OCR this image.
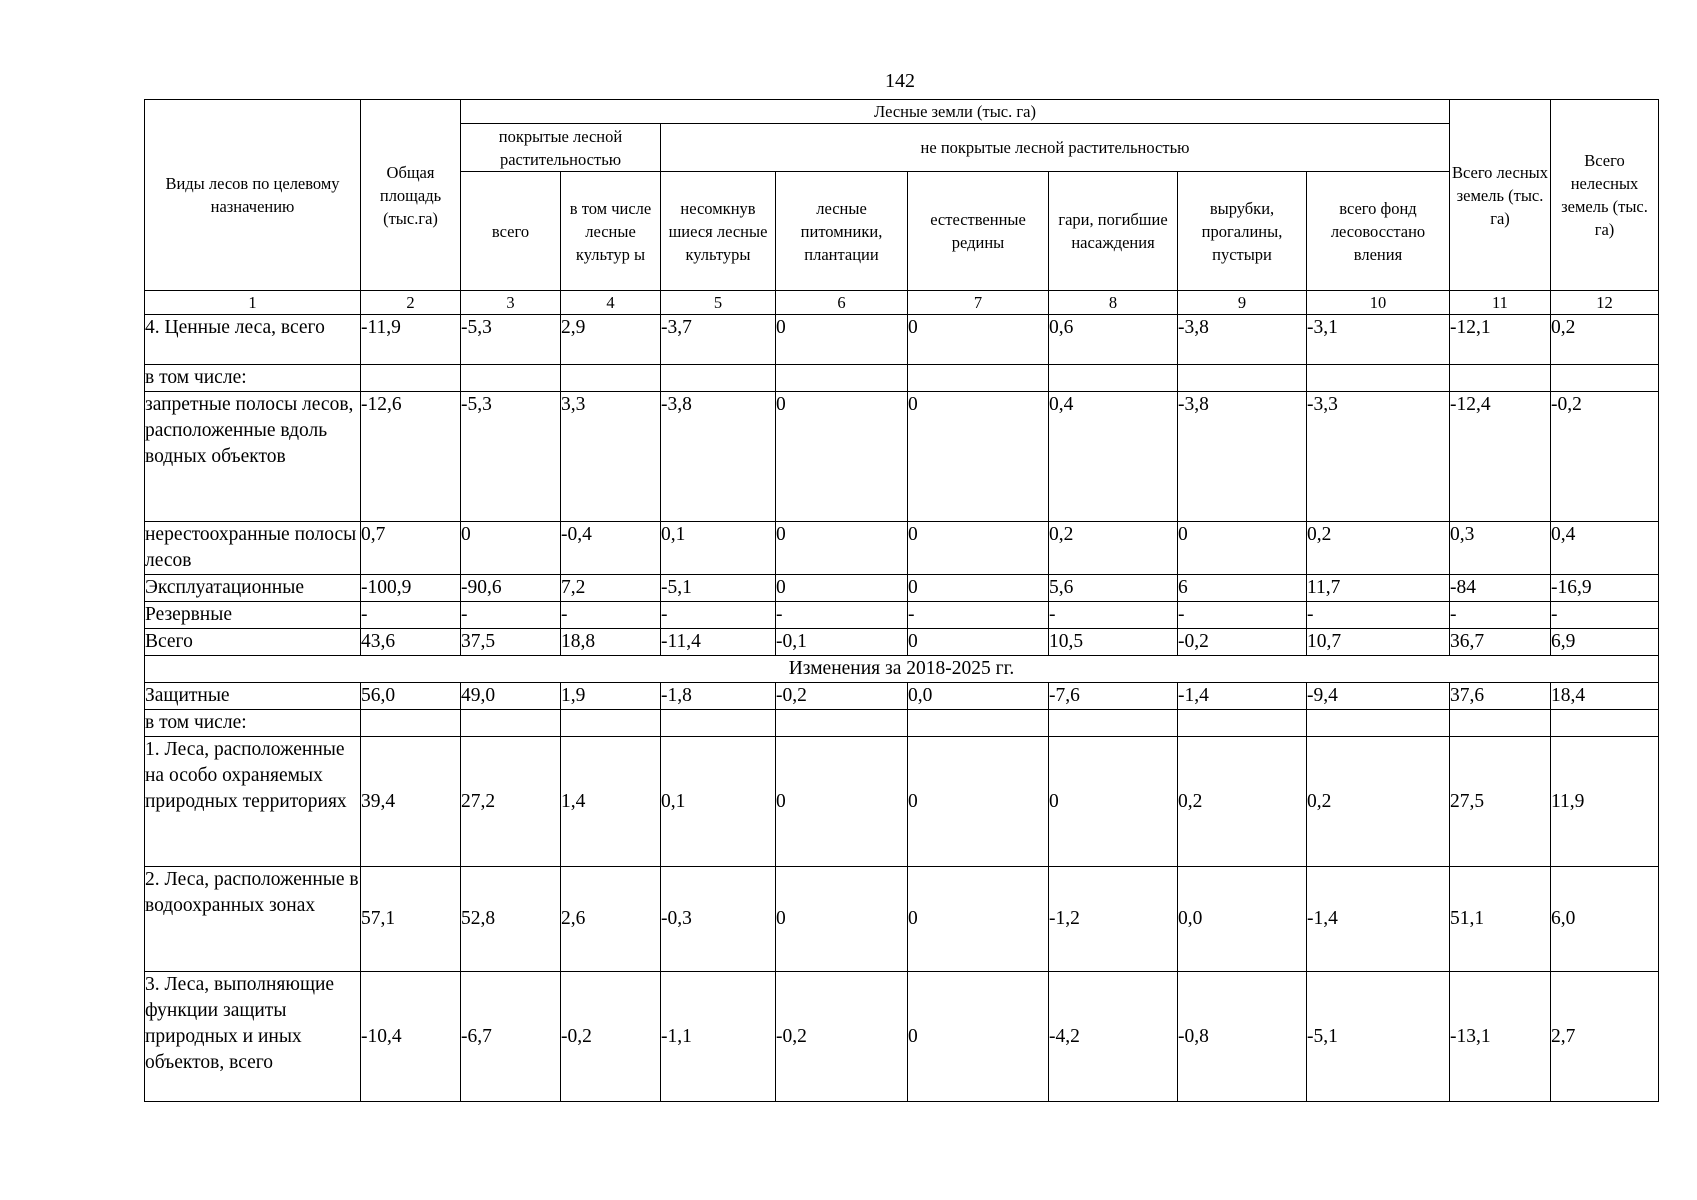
142
Виды лесов по целевому назначению	Общая площадь (тыс.га)	Лесные земли (тыс. га)								Всего лесных земель (тыс. га)	Всего нелесных земель (тыс. га)
		покрытые лесной растительностью		не покрытые лесной растительностью							
		всего	в том числе лесные культур ы	несомкнув шиеся лесные культуры	лесные питомники, плантации	естественные редины	гари, погибшие насаждения	вырубки, прогалины, пустыри	всего фонд лесовосстано вления		
1	2	3	4	5	6	7	8	9	10	11	12
4. Ценные леса, всего	-11,9	-5,3	2,9	-3,7	0	0	0,6	-3,8	-3,1	-12,1	0,2
в том числе:											
запретные полосы лесов, расположенные вдоль водных объектов	-12,6	-5,3	3,3	-3,8	0	0	0,4	-3,8	-3,3	-12,4	-0,2
нерестоохранные полосы лесов	0,7	0	-0,4	0,1	0	0	0,2	0	0,2	0,3	0,4
Эксплуатационные	-100,9	-90,6	7,2	-5,1	0	0	5,6	6	11,7	-84	-16,9
Резервные	-	-	-	-	-	-	-	-	-	-	-
Всего	43,6	37,5	18,8	-11,4	-0,1	0	10,5	-0,2	10,7	36,7	6,9
Изменения за 2018-2025 гг.											
Защитные	56,0	49,0	1,9	-1,8	-0,2	0,0	-7,6	-1,4	-9,4	37,6	18,4
в том числе:											
1. Леса, расположенные на особо охраняемых природных территориях	39,4	27,2	1,4	0,1	0	0	0	0,2	0,2	27,5	11,9
2. Леса, расположенные в водоохранных зонах	57,1	52,8	2,6	-0,3	0	0	-1,2	0,0	-1,4	51,1	6,0
3. Леса, выполняющие функции защиты природных и иных объектов, всего	-10,4	-6,7	-0,2	-1,1	-0,2	0	-4,2	-0,8	-5,1	-13,1	2,7
